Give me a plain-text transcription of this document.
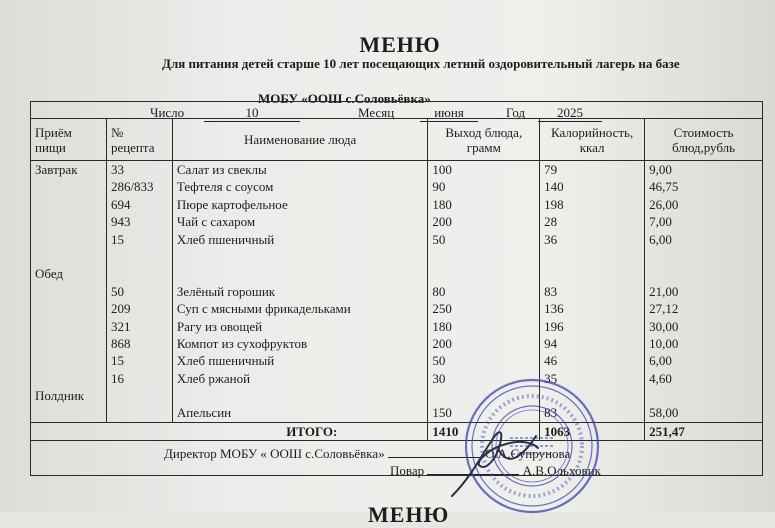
МЕНЮ
Для питания детей старше 10 лет посещающих летний оздоровительный лагерь на базе
МОБУ «ООШ с.Соловьёвка»
Число	10	Месяц	июня	Год 2025
Приём пищи	№ рецепта	Наименование люда	Выход блюда, грамм	Калорийность, ккал	Стоимость блюд,рубль
Завтрак	33	Салат из свеклы	100	79	9,00
	286/833	Тефтеля с соусом	90	140	46,75
	694	Пюре картофельное	180	198	26,00
	943	Чай с сахаром	200	28	7,00
	15	Хлеб пшеничный	50	36	6,00

Обед					
	50	Зелёный горошик	80	83	21,00
	209	Суп с мясными фрикадельками	250	136	27,12
	321	Рагу из овощей	180	196	30,00
	868	Компот из сухофруктов	200	94	10,00
	15	Хлеб пшеничный	50	46	6,00
	16	Хлеб ржаной	30	35	4,60
Полдник					
		Апельсин	150	83	58,00
ИТОГО:			1410	1063	251,47
Директор МОБУ « ООШ с.Соловьёвка»	О.А.Супрунова
Повар	А.В.Ольховик
МЕНЮ
